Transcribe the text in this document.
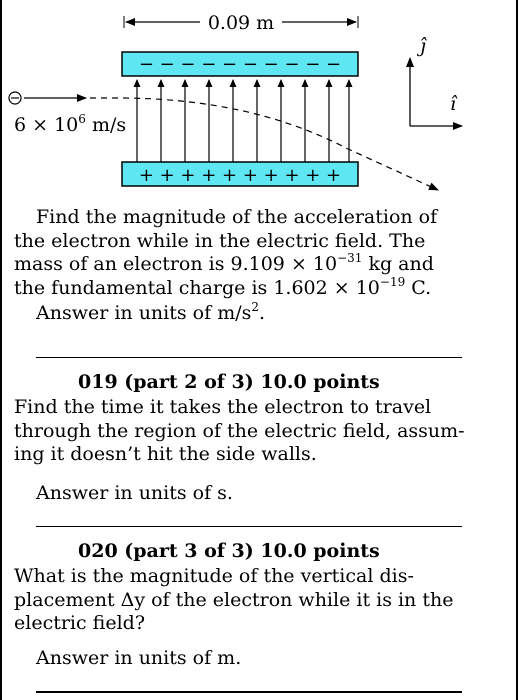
0.09 m
− − − − − − − − − −
+ + + + + + + + + +
$6 \times 10^6$ m/s
ĵ
î

Find the magnitude of the acceleration of the electron while in the electric field. The mass of an electron is $9.109 \times 10^{-31}$ kg and the fundamental charge is $1.602 \times 10^{-19}$ C.

Answer in units of $m/s^2$.

019 (part 2 of 3) 10.0 points

Find the time it takes the electron to travel through the region of the electric field, assuming it doesn’t hit the side walls.

Answer in units of s.

020 (part 3 of 3) 10.0 points

What is the magnitude of the vertical displacement Δy of the electron while it is in the electric field?

Answer in units of m.
